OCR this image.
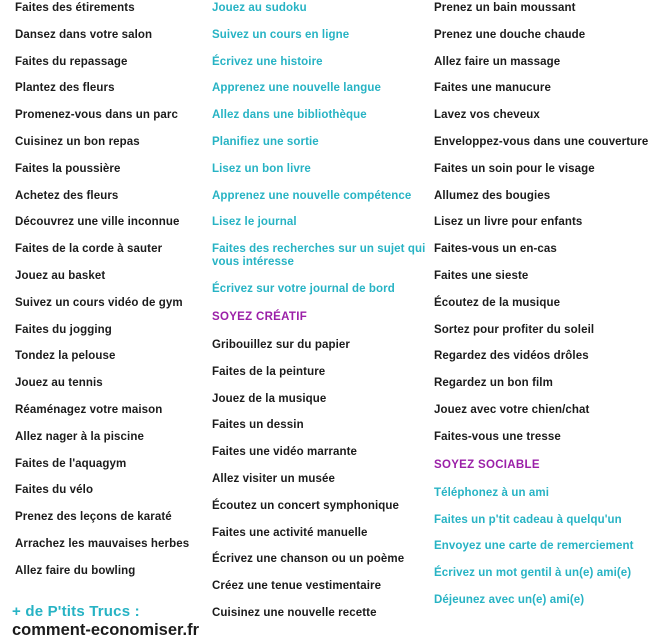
Faites des étirements
Dansez dans votre salon
Faites du repassage
Plantez des fleurs
Promenez-vous dans un parc
Cuisinez un bon repas
Faites la poussière
Achetez des fleurs
Découvrez une ville inconnue
Faites de la corde à sauter
Jouez au basket
Suivez un cours vidéo de gym
Faites du jogging
Tondez la pelouse
Jouez au tennis
Réaménagez votre maison
Allez nager à la piscine
Faites de l'aquagym
Faites du vélo
Prenez des leçons de karaté
Arrachez les mauvaises herbes
Allez faire du bowling
Jouez au sudoku
Suivez un cours en ligne
Écrivez une histoire
Apprenez une nouvelle langue
Allez dans une bibliothèque
Planifiez une sortie
Lisez un bon livre
Apprenez une nouvelle compétence
Lisez le journal
Faites des recherches sur un sujet qui vous intéresse
Écrivez sur votre journal de bord
SOYEZ CRÉATIF
Gribouillez sur du papier
Faites de la peinture
Jouez de la musique
Faites un dessin
Faites une vidéo marrante
Allez visiter un musée
Écoutez un concert symphonique
Faites une activité manuelle
Écrivez une chanson ou un poème
Créez une tenue vestimentaire
Cuisinez une nouvelle recette
Prenez un bain moussant
Prenez une douche chaude
Allez faire un massage
Faites une manucure
Lavez vos cheveux
Enveloppez-vous dans une couverture
Faites un soin pour le visage
Allumez des bougies
Lisez un livre pour enfants
Faites-vous un en-cas
Faites une sieste
Écoutez de la musique
Sortez pour profiter du soleil
Regardez des vidéos drôles
Regardez un bon film
Jouez avec votre chien/chat
Faites-vous une tresse
SOYEZ SOCIABLE
Téléphonez à un ami
Faites un p'tit cadeau à quelqu'un
Envoyez une carte de remerciement
Écrivez un mot gentil à un(e) ami(e)
Déjeunez avec un(e) ami(e)
+ de P'tits Trucs :
comment-economiser.fr
